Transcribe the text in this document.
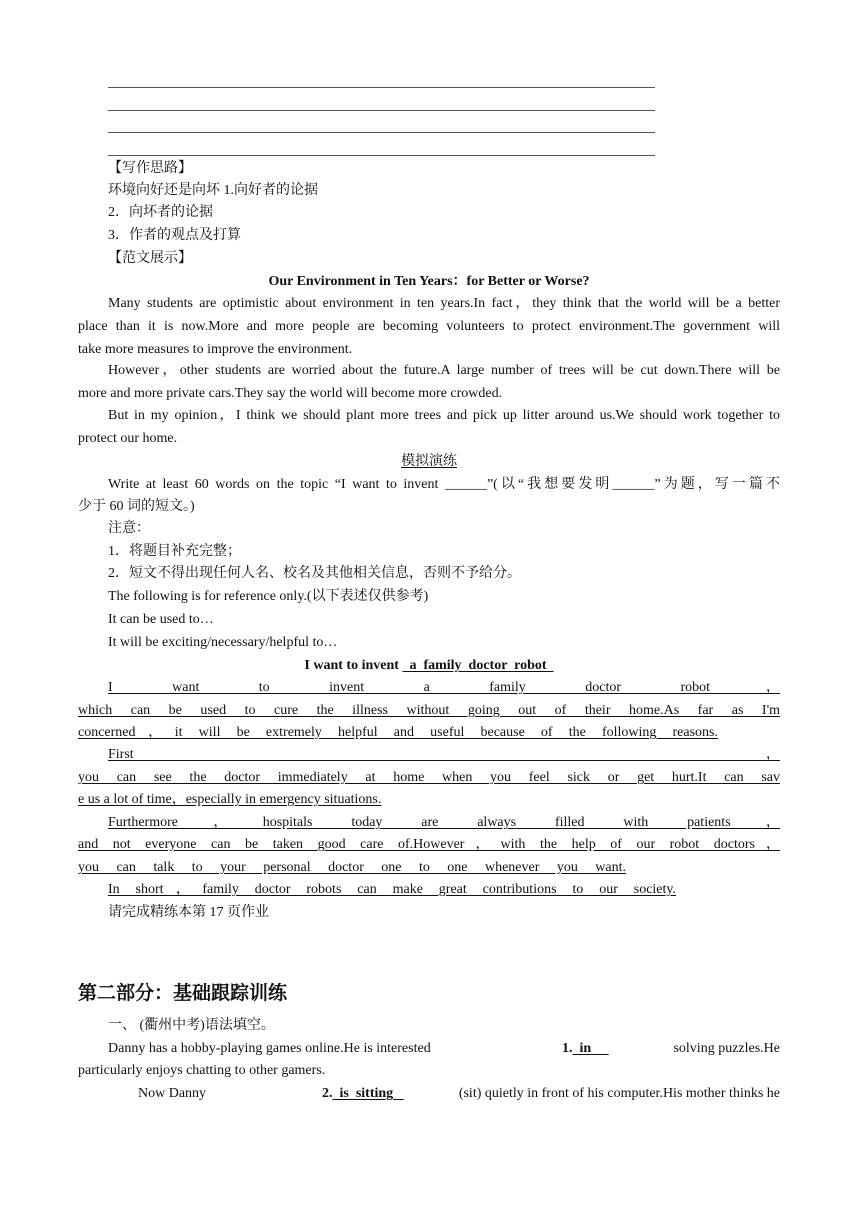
【写作思路】
环境向好还是向坏 1.向好者的论据
2．向坏者的论据
3．作者的观点及打算
【范文展示】
Our Environment in Ten Years：for Better or Worse?
Many students are optimistic about environment in ten years.In fact，they think that the world will be a better
place than it is now.More and more people are becoming volunteers to protect environment.The government will
take more measures to improve the environment.
However，other students are worried about the future.A large number of trees will be cut down.There will be
more and more private cars.They say the world will become more crowded.
But in my opinion，I think we should plant more trees and pick up litter around us.We should work together to
protect our home.
模拟演练
Write at least 60 words on the topic “I want to invent ______”(以“我想要发明______”为题，写一篇不
少于 60 词的短文。)
注意：
1．将题目补充完整；
2．短文不得出现任何人名、校名及其他相关信息，否则不予给分。
The following is for reference only.(以下表述仅供参考)
It can be used to…
It will be exciting/necessary/helpful to…
I want to invent a  family  doctor  robot
I want to invent a family doctor robot，
which can be used to cure the illness without going out of their home.As far as I'm
concerned，it will be extremely helpful and useful because of the following reasons.
First，
you can see the doctor immediately at home when you feel sick or get hurt.It can sav
e us a lot of time，especially in emergency situations.
Furthermore，hospitals today are always filled with patients，
and not everyone can be taken good care of.However，with the help of our robot doctors，
you can talk to your personal doctor one to one whenever you want.
In short，family doctor robots can make great contributions to our society.
请完成精练本第 17 页作业
第二部分：基础跟踪训练
一、 (衢州中考)语法填空。
Danny has a hobby‐playing games online.He is interested	1. in	solving puzzles.He
particularly enjoys chatting to other gamers.
Now Danny	2. is  sitting	(sit) quietly in front of his computer.His mother thinks he
